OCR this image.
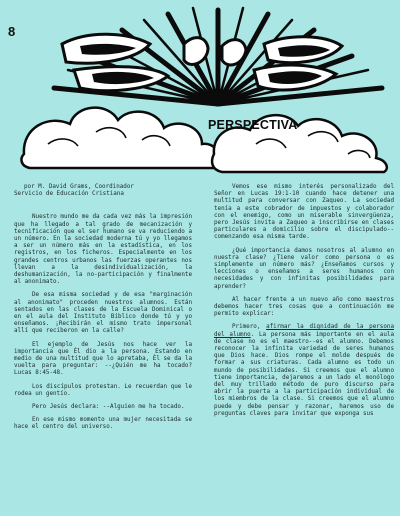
8
PERSPECTIVA

por M. David Grams, Coordinador
Servicio de Educación Cristiana

Nuestro mundo me da cada vez más la impresión que ha llegado a tal grado de mecanización y tecnificación que el ser humano se va reduciendo a un número. En la sociedad moderna tú y yo llegamos a ser un número más en la estadística, en los registros, en los ficheros. Especialmente en los grandes centros urbanos las fuerzas operantes nos llevan a la desindividualización, la deshumanización, la no-participación y finalmente al anonimato.

De esa misma sociedad y de esa "marginación al anonimato" proceden nuestros alumnos. Están sentados en las clases de la Escuela Dominical o en el aula del Instituto Bíblico donde tú y yo enseñamos. ¡Recibirán el mismo trato impersonal allí que reciberon en la calle?

El ejemplo de Jesús nos hace ver la importancia que Él dio a la persona. Estando en medio de una multitud que lo apretaba, Él se da la vuelta para preguntar: --¿Quién me ha tocado? Lucas 8:45-48.

Los discípulos protestan. Le recuerdan que le rodea un gentío.

Pero Jesús declara: --Alguien me ha tocado.

En ese mismo momento una mujer necesitada se hace el centro del universo.

Vemos ese mismo interés personalizado del Señor en Lucas 19:1-10 cuando hace detener una multitud para conversar con Zaqueo. La sociedad tenía a este cobrador de impuestos y colaborador con el enemigo, como un miserable sinvergüenza, pero Jesús invita a Zaqueo a inscribirse en clases particulares a domicilio sobre el discipulado--comenzando esa misma tarde.

¿Qué importancia damos nosotros al alumno en nuestra clase? ¿Tiene valor como persona o es simplemente un número más? ¿Enseñamos cursos y lecciones o enseñamos a seres humanos con necesidades y con infinitas posibilidades para aprender?

Al hacer frente a un nuevo año como maestros debemos hacer tres cosas que a continuación me permito explicar:

Primero, afirmar la dignidad de la persona del alumno. La persona más importante en el aula de clase no es el maestro--es el alumno. Debemos reconocer la infinita variedad de seres humanos que Dios hace. Dios rompe el molde después de formar a sus criaturas. Cada alumno es todo un mundo de posibilidades. Si creemos que el alumno tiene importancia, dejaremos a un lado el monólogo del muy trillado método de puro discurso para abrir la puerta a la participación individual de los miembros de la clase. Si creemos que el alumno puede y debe pensar y razonar, haremos uso de preguntas claves para invitar que exponga sus
